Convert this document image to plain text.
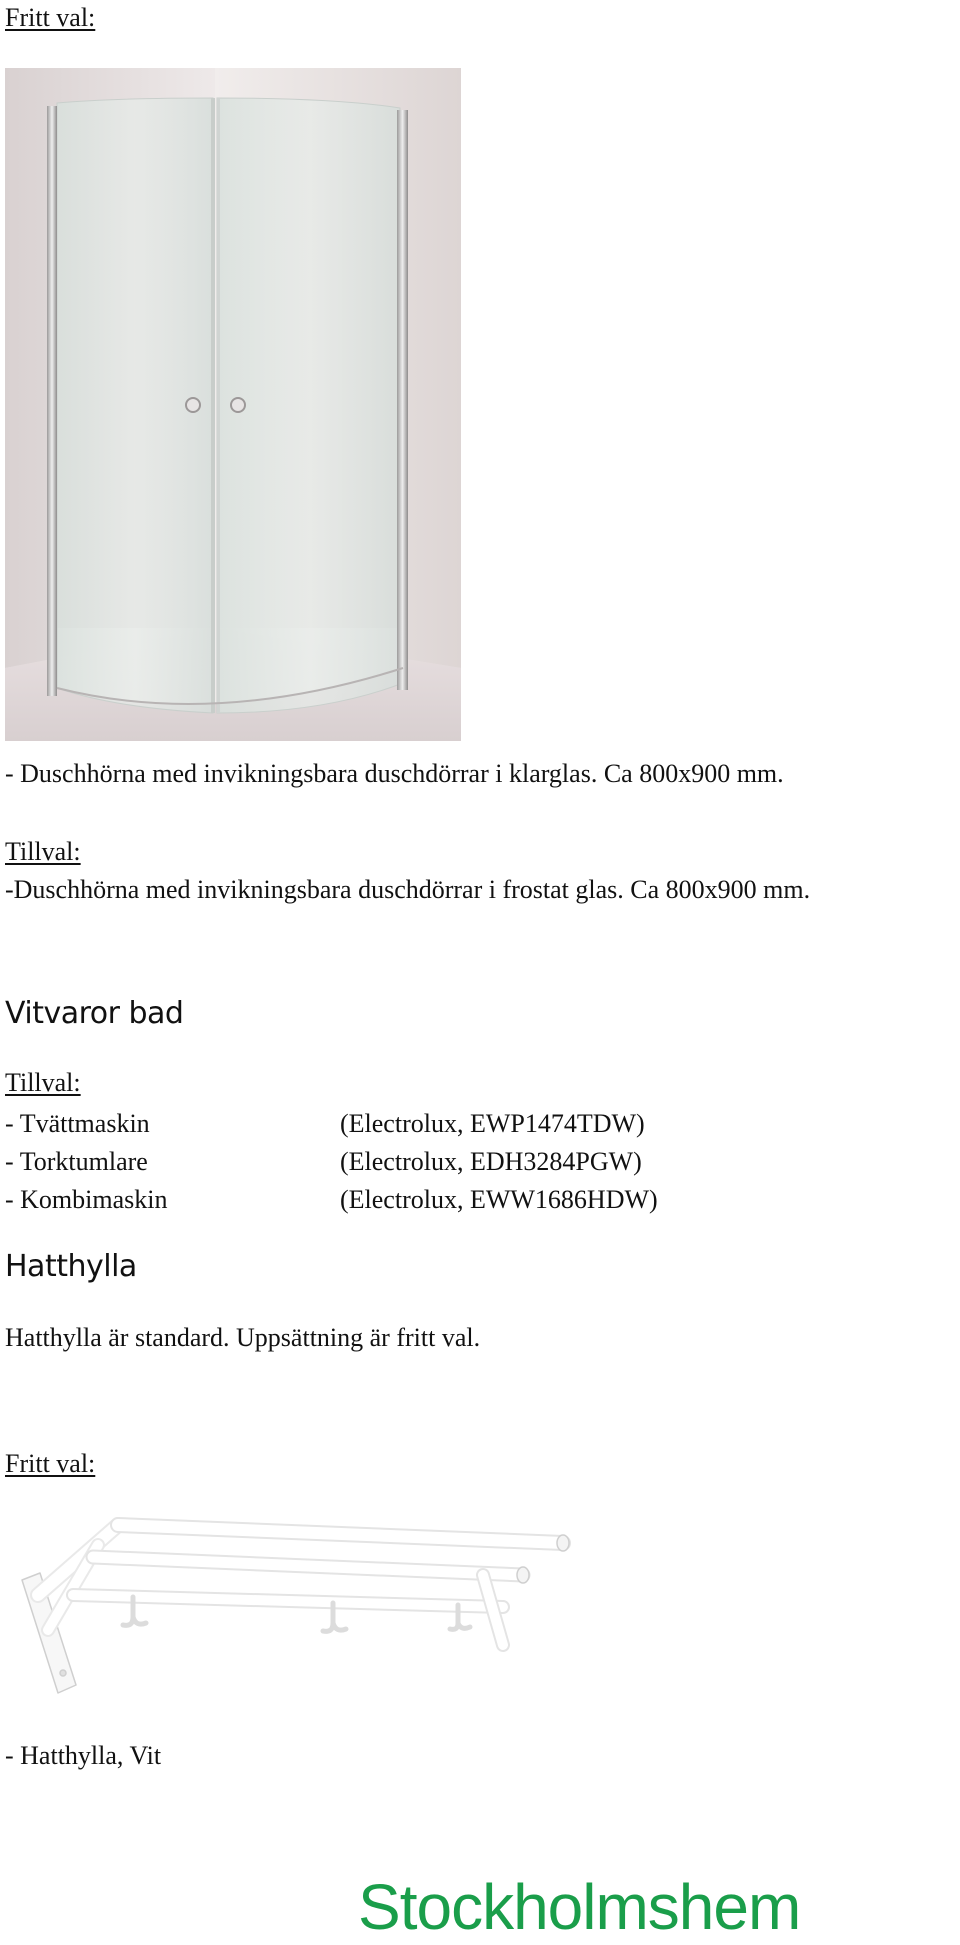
Fritt val:
- Duschhörna med invikningsbara duschdörrar i klarglas. Ca 800x900 mm.
Tillval:
-Duschhörna med invikningsbara duschdörrar i frostat glas. Ca 800x900 mm.
Vitvaror bad
Tillval:
- Tvättmaskin	(Electrolux, EWP1474TDW)
- Torktumlare	(Electrolux, EDH3284PGW)
- Kombimaskin	(Electrolux, EWW1686HDW)
Hatthylla
Hatthylla är standard. Uppsättning är fritt val.
Fritt val:
- Hatthylla, Vit
Stockholmshem
